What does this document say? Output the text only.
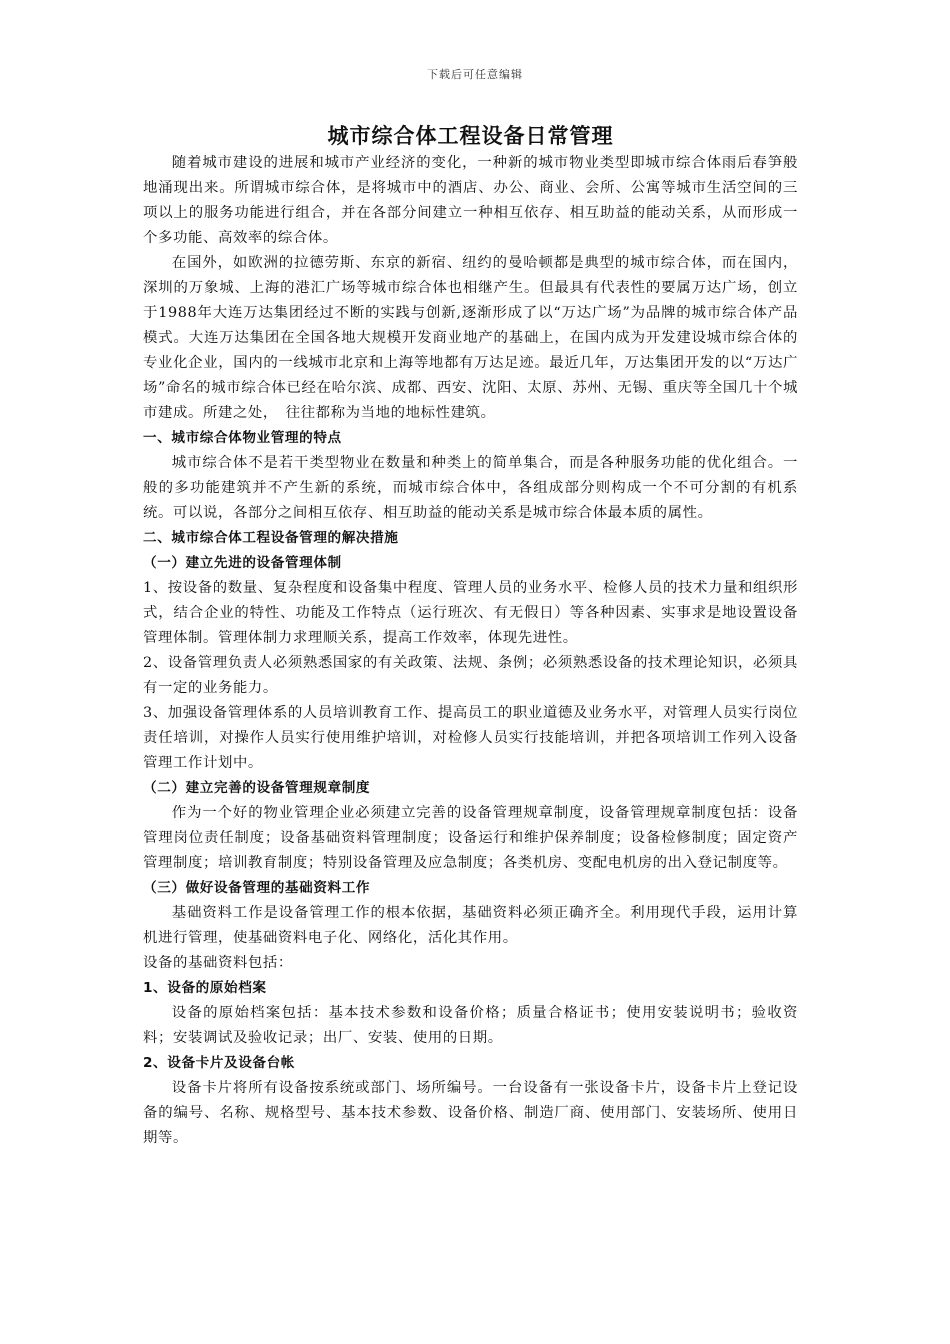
下载后可任意编辑
城市综合体工程设备日常管理

随着城市建设的进展和城市产业经济的变化，一种新的城市物业类型即城市综合体雨后春笋般地涌现出来。所谓城市综合体，是将城市中的酒店、办公、商业、会所、公寓等城市生活空间的三项以上的服务功能进行组合，并在各部分间建立一种相互依存、相互助益的能动关系，从而形成一个多功能、高效率的综合体。

在国外，如欧洲的拉德劳斯、东京的新宿、纽约的曼哈顿都是典型的城市综合体，而在国内，深圳的万象城、上海的港汇广场等城市综合体也相继产生。但最具有代表性的要属万达广场，创立于1988年大连万达集团经过不断的实践与创新,逐渐形成了以“万达广场”为品牌的城市综合体产品模式。大连万达集团在全国各地大规模开发商业地产的基础上，在国内成为开发建设城市综合体的专业化企业，国内的一线城市北京和上海等地都有万达足迹。最近几年，万达集团开发的以“万达广场”命名的城市综合体已经在哈尔滨、成都、西安、沈阳、太原、苏州、无锡、重庆等全国几十个城市建成。所建之处，　往往都称为当地的地标性建筑。

一、城市综合体物业管理的特点

城市综合体不是若干类型物业在数量和种类上的简单集合，而是各种服务功能的优化组合。一般的多功能建筑并不产生新的系统，而城市综合体中，各组成部分则构成一个不可分割的有机系统。可以说，各部分之间相互依存、相互助益的能动关系是城市综合体最本质的属性。

二、城市综合体工程设备管理的解决措施
（一）建立先进的设备管理体制

1、按设备的数量、复杂程度和设备集中程度、管理人员的业务水平、检修人员的技术力量和组织形式，结合企业的特性、功能及工作特点（运行班次、有无假日）等各种因素、实事求是地设置设备管理体制。管理体制力求理顺关系，提高工作效率，体现先进性。

2、设备管理负责人必须熟悉国家的有关政策、法规、条例；必须熟悉设备的技术理论知识，必须具有一定的业务能力。

3、加强设备管理体系的人员培训教育工作、提高员工的职业道德及业务水平，对管理人员实行岗位责任培训，对操作人员实行使用维护培训，对检修人员实行技能培训，并把各项培训工作列入设备管理工作计划中。

（二）建立完善的设备管理规章制度

作为一个好的物业管理企业必须建立完善的设备管理规章制度，设备管理规章制度包括：设备管理岗位责任制度；设备基础资料管理制度；设备运行和维护保养制度；设备检修制度；固定资产管理制度；培训教育制度；特别设备管理及应急制度；各类机房、变配电机房的出入登记制度等。

（三）做好设备管理的基础资料工作

基础资料工作是设备管理工作的根本依据，基础资料必须正确齐全。利用现代手段，运用计算机进行管理，使基础资料电子化、网络化，活化其作用。

设备的基础资料包括：

1、设备的原始档案

设备的原始档案包括：基本技术参数和设备价格；质量合格证书；使用安装说明书；验收资料；安装调试及验收记录；出厂、安装、使用的日期。

2、设备卡片及设备台帐

设备卡片将所有设备按系统或部门、场所编号。一台设备有一张设备卡片，设备卡片上登记设备的编号、名称、规格型号、基本技术参数、设备价格、制造厂商、使用部门、安装场所、使用日期等。
